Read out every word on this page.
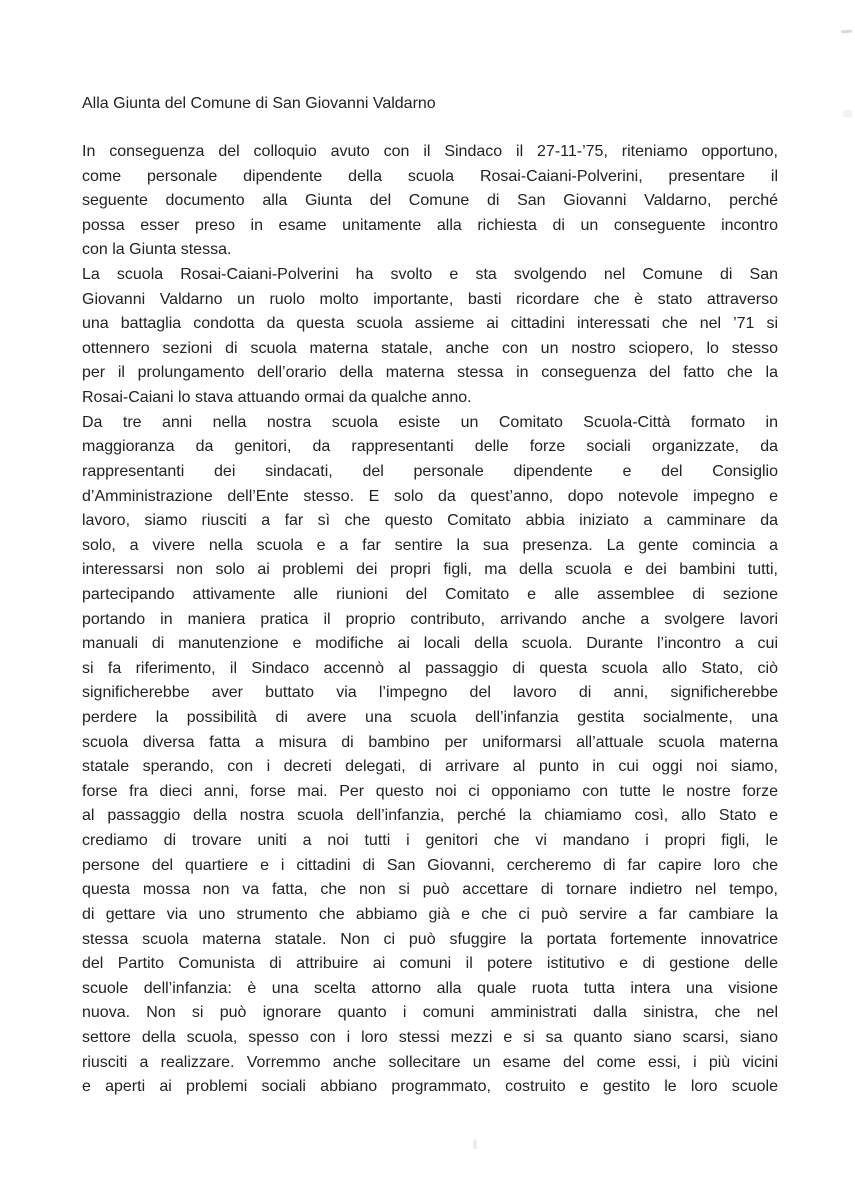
Alla Giunta del Comune di San Giovanni Valdarno
In conseguenza del colloquio avuto con il Sindaco il 27-11-’75, riteniamo opportuno,
come personale dipendente della scuola Rosai-Caiani-Polverini, presentare il
seguente documento alla Giunta del Comune di San Giovanni Valdarno, perché
possa esser preso in esame unitamente alla richiesta di un conseguente incontro
con la Giunta stessa.
La scuola Rosai-Caiani-Polverini ha svolto e sta svolgendo nel Comune di San
Giovanni Valdarno un ruolo molto importante, basti ricordare che è stato attraverso
una battaglia condotta da questa scuola assieme ai cittadini interessati che nel ’71 si
ottennero sezioni di scuola materna statale, anche con un nostro sciopero, lo stesso
per il prolungamento dell’orario della materna stessa in conseguenza del fatto che la
Rosai-Caiani lo stava attuando ormai da qualche anno.
Da tre anni nella nostra scuola esiste un Comitato Scuola-Città formato in
maggioranza da genitori, da rappresentanti delle forze sociali organizzate, da
rappresentanti dei sindacati, del personale dipendente e del Consiglio
d’Amministrazione dell’Ente stesso. E solo da quest’anno, dopo notevole impegno e
lavoro, siamo riusciti a far sì che questo Comitato abbia iniziato a camminare da
solo, a vivere nella scuola e a far sentire la sua presenza. La gente comincia a
interessarsi non solo ai problemi dei propri figli, ma della scuola e dei bambini tutti,
partecipando attivamente alle riunioni del Comitato e alle assemblee di sezione
portando in maniera pratica il proprio contributo, arrivando anche a svolgere lavori
manuali di manutenzione e modifiche ai locali della scuola. Durante l’incontro a cui
si fa riferimento, il Sindaco accennò al passaggio di questa scuola allo Stato, ciò
significherebbe aver buttato via l’impegno del lavoro di anni, significherebbe
perdere la possibilità di avere una scuola dell’infanzia gestita socialmente, una
scuola diversa fatta a misura di bambino per uniformarsi all’attuale scuola materna
statale sperando, con i decreti delegati, di arrivare al punto in cui oggi noi siamo,
forse fra dieci anni, forse mai. Per questo noi ci opponiamo con tutte le nostre forze
al passaggio della nostra scuola dell’infanzia, perché la chiamiamo così, allo Stato e
crediamo di trovare uniti a noi tutti i genitori che vi mandano i propri figli, le
persone del quartiere e i cittadini di San Giovanni, cercheremo di far capire loro che
questa mossa non va fatta, che non si può accettare di tornare indietro nel tempo,
di gettare via uno strumento che abbiamo già e che ci può servire a far cambiare la
stessa scuola materna statale. Non ci può sfuggire la portata fortemente innovatrice
del Partito Comunista di attribuire ai comuni il potere istitutivo e di gestione delle
scuole dell’infanzia: è una scelta attorno alla quale ruota tutta intera una visione
nuova. Non si può ignorare quanto i comuni amministrati dalla sinistra, che nel
settore della scuola, spesso con i loro stessi mezzi e si sa quanto siano scarsi, siano
riusciti a realizzare. Vorremmo anche sollecitare un esame del come essi, i più vicini
e aperti ai problemi sociali abbiano programmato, costruito e gestito le loro scuole
